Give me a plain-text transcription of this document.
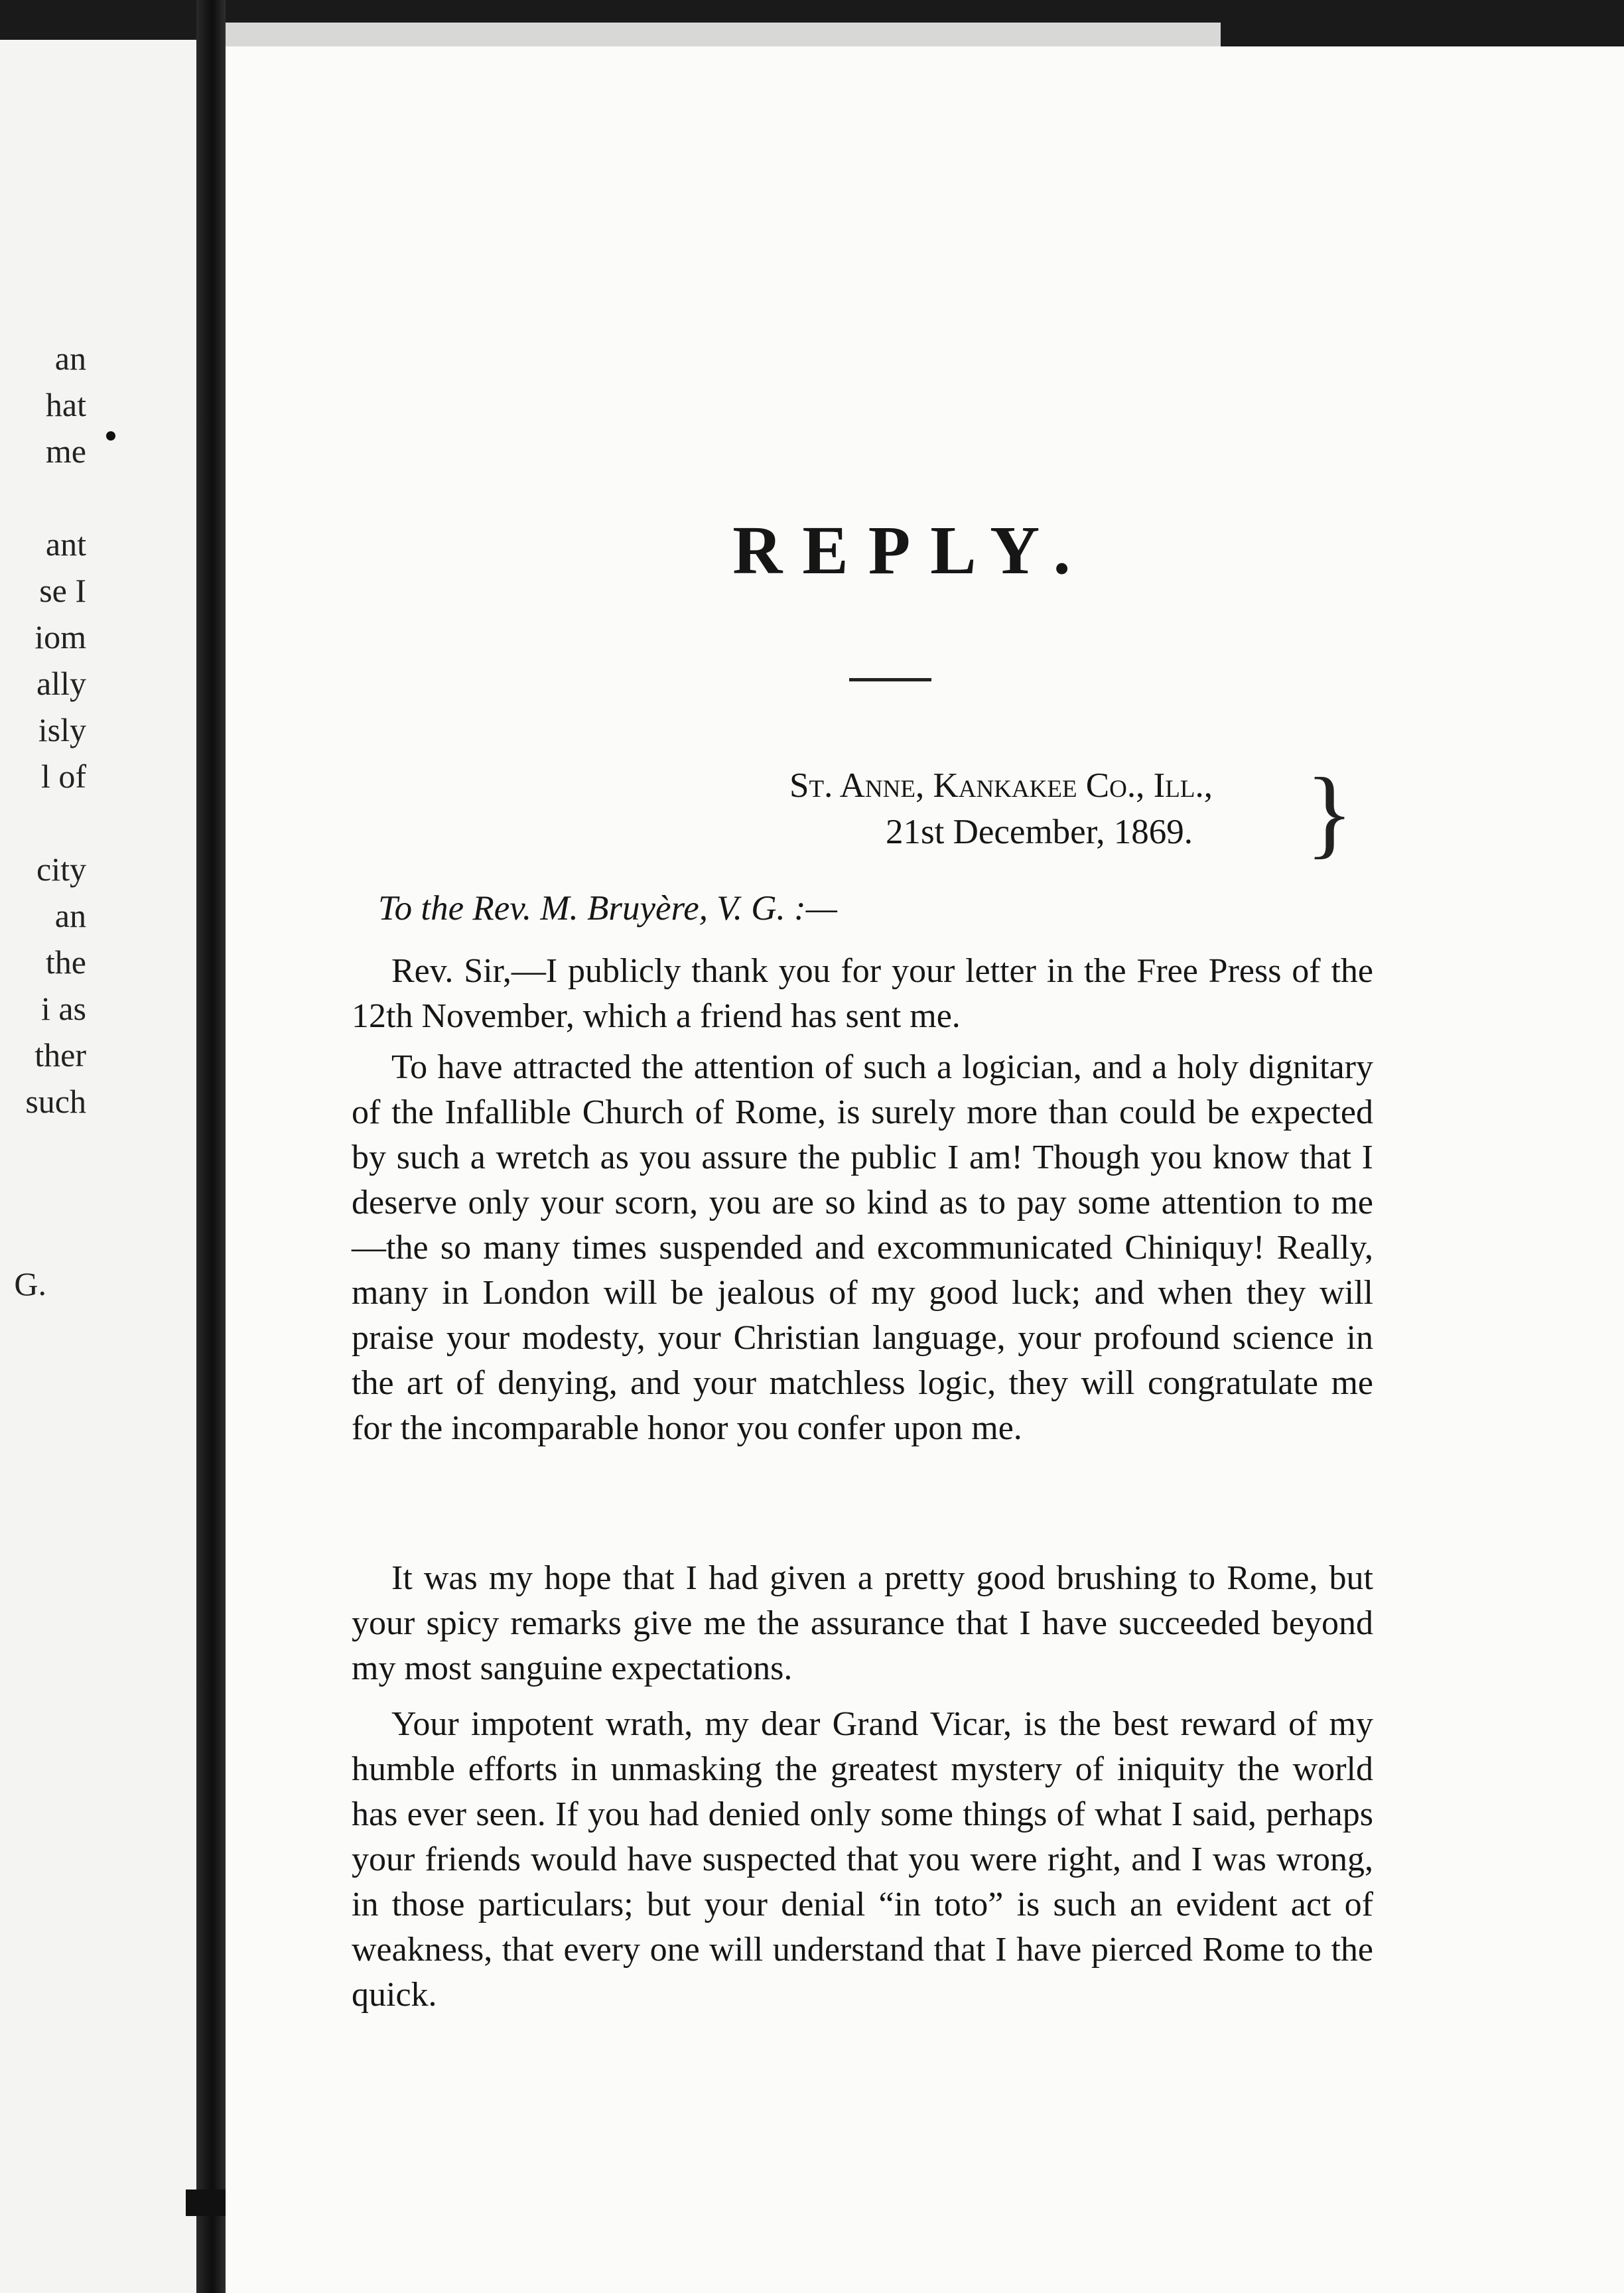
an
hat
me
ant
se I
iom
ally
isly
l of
city
an
the
i as
ther
such
G.
REPLY.
St. Anne, Kankakee Co., Ill.,
21st December, 1869. }
To the Rev. M. Bruyère, V. G. :—
Rev. Sir,—I publicly thank you for your letter in the Free Press of the 12th November, which a friend has sent me.
To have attracted the attention of such a logician, and a holy dignitary of the Infallible Church of Rome, is surely more than could be expected by such a wretch as you assure the public I am! Though you know that I deserve only your scorn, you are so kind as to pay some attention to me—the so many times suspended and excommunicated Chiniquy! Really, many in London will be jealous of my good luck; and when they will praise your modesty, your Christian language, your profound science in the art of denying, and your matchless logic, they will congratulate me for the incomparable honor you confer upon me.
It was my hope that I had given a pretty good brushing to Rome, but your spicy remarks give me the assurance that I have succeeded beyond my most sanguine expectations.
Your impotent wrath, my dear Grand Vicar, is the best reward of my humble efforts in unmasking the greatest mystery of iniquity the world has ever seen. If you had denied only some things of what I said, perhaps your friends would have suspected that you were right, and I was wrong, in those particulars; but your denial “in toto” is such an evident act of weakness, that every one will understand that I have pierced Rome to the quick.
